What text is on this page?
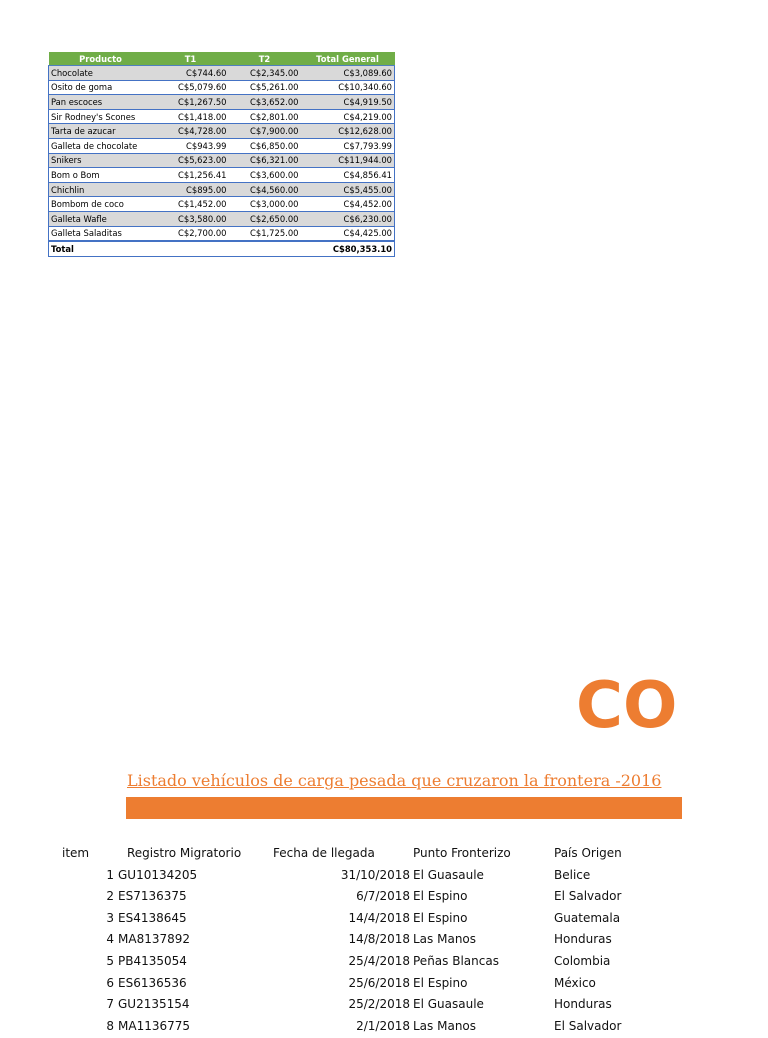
Producto	T1	T2	Total General
Chocolate	C$744.60	C$2,345.00	C$3,089.60
Osito de goma	C$5,079.60	C$5,261.00	C$10,340.60
Pan escoces	C$1,267.50	C$3,652.00	C$4,919.50
Sir Rodney's Scones	C$1,418.00	C$2,801.00	C$4,219.00
Tarta de azucar	C$4,728.00	C$7,900.00	C$12,628.00
Galleta de chocolate	C$943.99	C$6,850.00	C$7,793.99
Snikers	C$5,623.00	C$6,321.00	C$11,944.00
Bom o Bom	C$1,256.41	C$3,600.00	C$4,856.41
Chichlin	C$895.00	C$4,560.00	C$5,455.00
Bombom de coco	C$1,452.00	C$3,000.00	C$4,452.00
Galleta Wafle	C$3,580.00	C$2,650.00	C$6,230.00
Galleta Saladitas	C$2,700.00	C$1,725.00	C$4,425.00
Total			C$80,353.10
CO
Listado vehículos de carga pesada que cruzaron la frontera -2016
item	Registro Migratorio	Fecha de llegada	Punto Fronterizo	País Origen
1 GU10134205	31/10/2018 El Guasaule	Belice
2 ES7136375	6/7/2018 El Espino	El Salvador
3 ES4138645	14/4/2018 El Espino	Guatemala
4 MA8137892	14/8/2018 Las Manos	Honduras
5 PB4135054	25/4/2018 Peñas Blancas	Colombia
6 ES6136536	25/6/2018 El Espino	México
7 GU2135154	25/2/2018 El Guasaule	Honduras
8 MA1136775	2/1/2018 Las Manos	El Salvador
